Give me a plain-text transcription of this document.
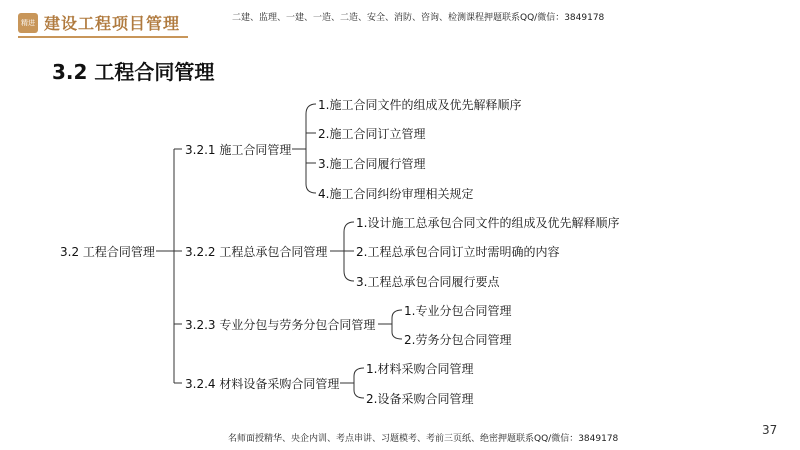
精进 建设工程项目管理	二建、监理、一建、一造、二造、安全、消防、咨询、检测课程押题联系QQ/微信：3849178
3.2 工程合同管理
3.2 工程合同管理
3.2.1 施工合同管理
3.2.2 工程总承包合同管理
3.2.3 专业分包与劳务分包合同管理
3.2.4 材料设备采购合同管理
1.施工合同文件的组成及优先解释顺序
2.施工合同订立管理
3.施工合同履行管理
4.施工合同纠纷审理相关规定
1.设计施工总承包合同文件的组成及优先解释顺序
2.工程总承包合同订立时需明确的内容
3.工程总承包合同履行要点
1.专业分包合同管理
2.劳务分包合同管理
1.材料采购合同管理
2.设备采购合同管理
名师面授精华、央企内训、考点串讲、习题模考、考前三页纸、绝密押题联系QQ/微信：3849178
37
